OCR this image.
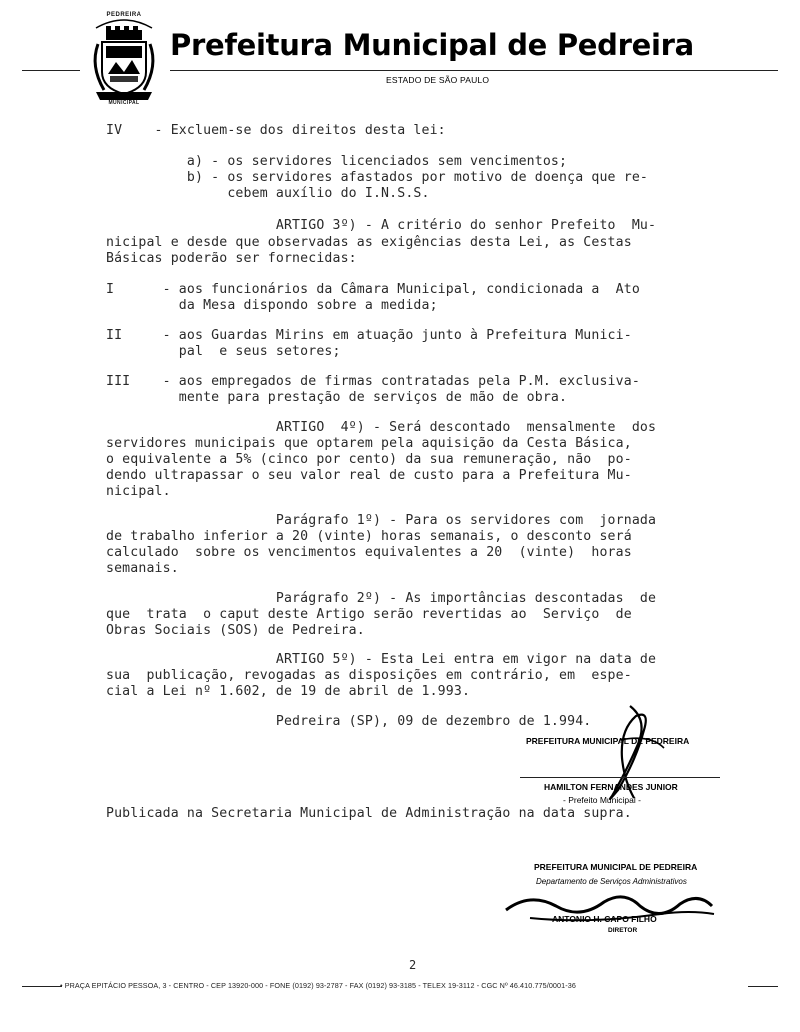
PEDREIRA
MUNICIPAL
Prefeitura Municipal de Pedreira
ESTADO DE SÃO PAULO
IV    - Excluem-se dos direitos desta lei:
a) - os servidores licenciados sem vencimentos;
b) - os servidores afastados por motivo de doença que re-
cebem auxílio do I.N.S.S.
ARTIGO 3º) - A critério do senhor Prefeito  Mu-
nicipal e desde que observadas as exigências desta Lei, as Cestas
Básicas poderão ser fornecidas:
I      - aos funcionários da Câmara Municipal, condicionada a  Ato
da Mesa dispondo sobre a medida;
II     - aos Guardas Mirins em atuação junto à Prefeitura Munici-
pal  e seus setores;
III    - aos empregados de firmas contratadas pela P.M. exclusiva-
mente para prestação de serviços de mão de obra.
ARTIGO  4º) - Será descontado  mensalmente  dos
servidores municipais que optarem pela aquisição da Cesta Básica,
o equivalente a 5% (cinco por cento) da sua remuneração, não  po-
dendo ultrapassar o seu valor real de custo para a Prefeitura Mu-
nicipal.
Parágrafo 1º) - Para os servidores com  jornada
de trabalho inferior a 20 (vinte) horas semanais, o desconto será
calculado  sobre os vencimentos equivalentes a 20  (vinte)  horas
semanais.
Parágrafo 2º) - As importâncias descontadas  de
que  trata  o caput deste Artigo serão revertidas ao  Serviço  de
Obras Sociais (SOS) de Pedreira.
ARTIGO 5º) - Esta Lei entra em vigor na data de
sua  publicação, revogadas as disposições em contrário, em  espe-
cial a Lei nº 1.602, de 19 de abril de 1.993.
Pedreira (SP), 09 de dezembro de 1.994.
PREFEITURA MUNICIPAL DE PEDREIRA
HAMILTON FERNANDES JUNIOR
- Prefeito Municipal -
Publicada na Secretaria Municipal de Administração na data supra.
PREFEITURA MUNICIPAL DE PEDREIRA
Departamento de Serviços Administrativos
ANTONIO H. CAPO FILHO
DIRETOR
2
• PRAÇA EPITÁCIO PESSOA, 3 - CENTRO - CEP 13920-000 - FONE (0192) 93-2787 - FAX (0192) 93-3185 - TELEX 19-3112 - CGC Nº 46.410.775/0001-36
